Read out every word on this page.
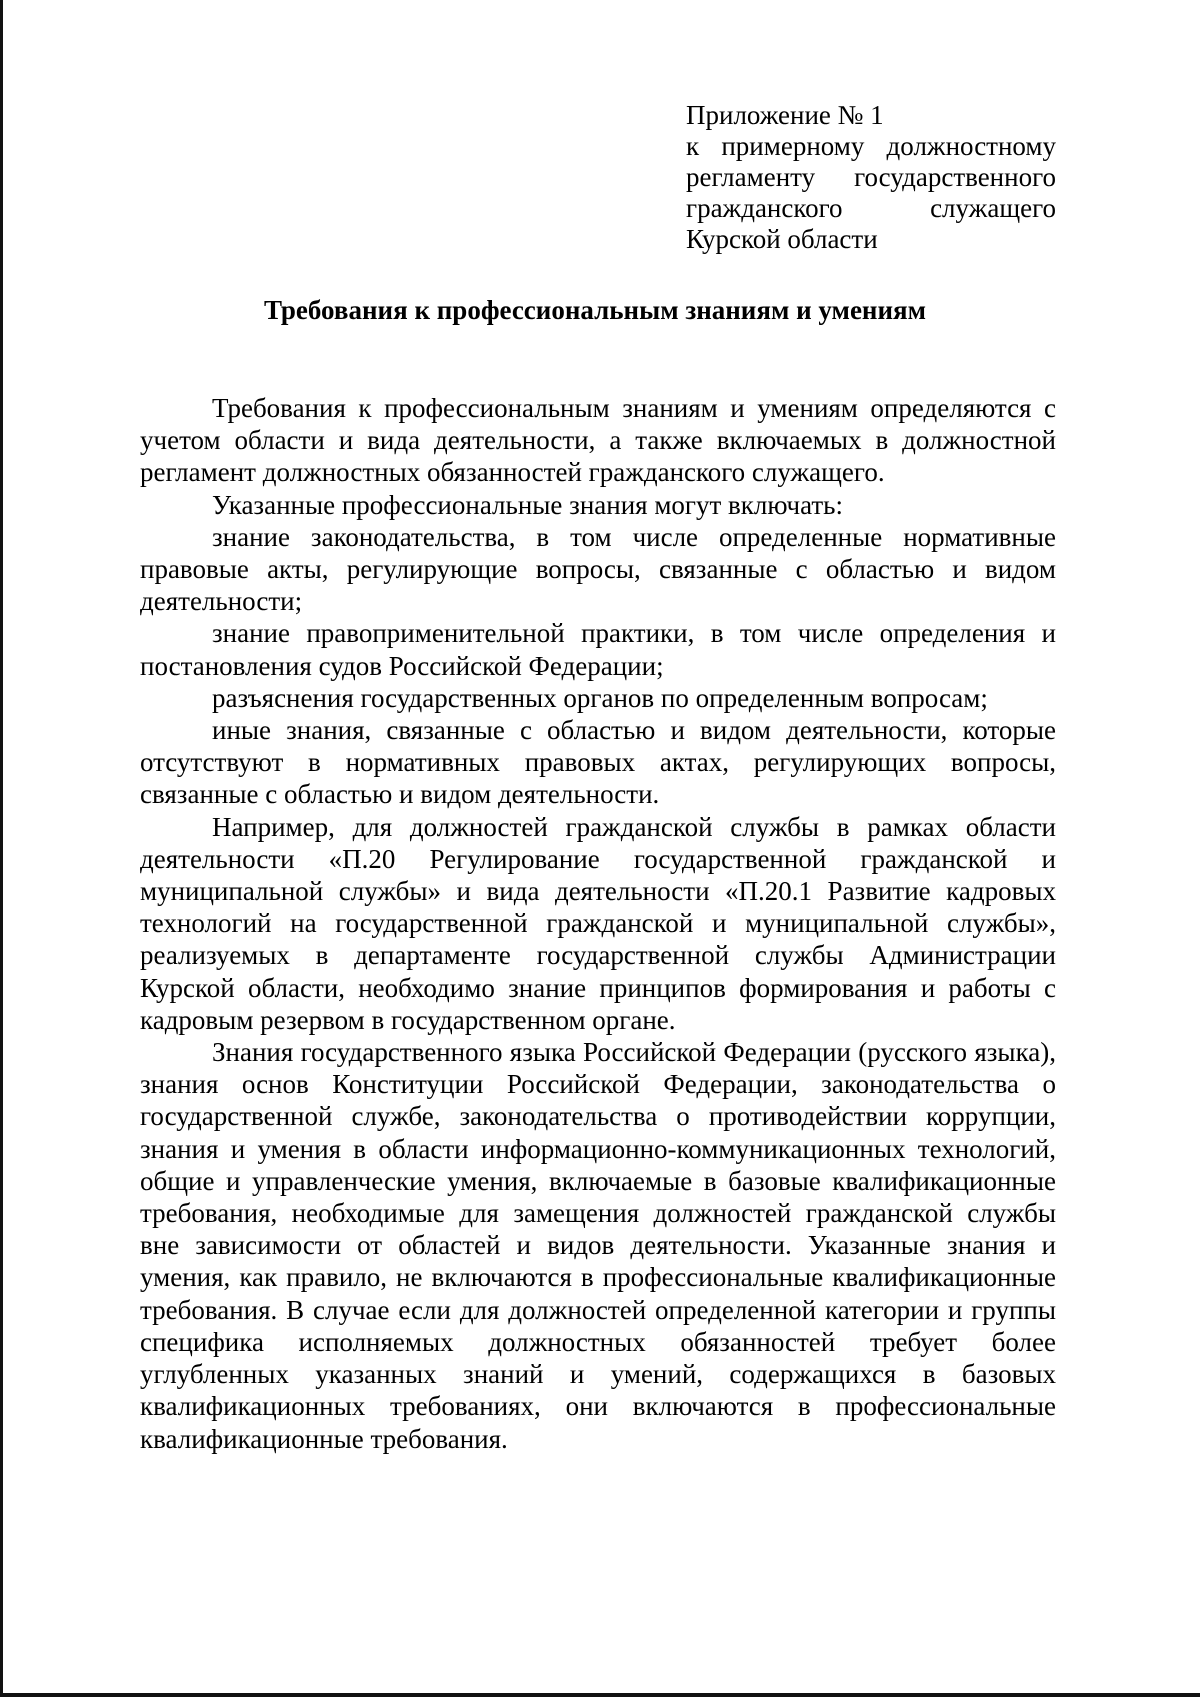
Приложение № 1
к примерному должностному
регламенту государственного
гражданского служащего
Курской области
Требования к профессиональным знаниям и умениям

Требования к профессиональным знаниям и умениям определяются с учетом области и вида деятельности, а также включаемых в должностной регламент должностных обязанностей гражданского служащего.

Указанные профессиональные знания могут включать:

знание законодательства, в том числе определенные нормативные правовые акты, регулирующие вопросы, связанные с областью и видом деятельности;

знание правоприменительной практики, в том числе определения и постановления судов Российской Федерации;

разъяснения государственных органов по определенным вопросам;

иные знания, связанные с областью и видом деятельности, которые отсутствуют в нормативных правовых актах, регулирующих вопросы, связанные с областью и видом деятельности.

Например, для должностей гражданской службы в рамках области деятельности «П.20 Регулирование государственной гражданской и муниципальной службы» и вида деятельности «П.20.1 Развитие кадровых технологий на государственной гражданской и муниципальной службы», реализуемых в департаменте государственной службы Администрации Курской области, необходимо знание принципов формирования и работы с кадровым резервом в государственном органе.

Знания государственного языка Российской Федерации (русского языка), знания основ Конституции Российской Федерации, законодательства о государственной службе, законодательства о противодействии коррупции, знания и умения в области информационно-коммуникационных технологий, общие и управленческие умения, включаемые в базовые квалификационные требования, необходимые для замещения должностей гражданской службы вне зависимости от областей и видов деятельности. Указанные знания и умения, как правило, не включаются в профессиональные квалификационные требования. В случае если для должностей определенной категории и группы специфика исполняемых должностных обязанностей требует более углубленных указанных знаний и умений, содержащихся в базовых квалификационных требованиях, они включаются в профессиональные квалификационные требования.
